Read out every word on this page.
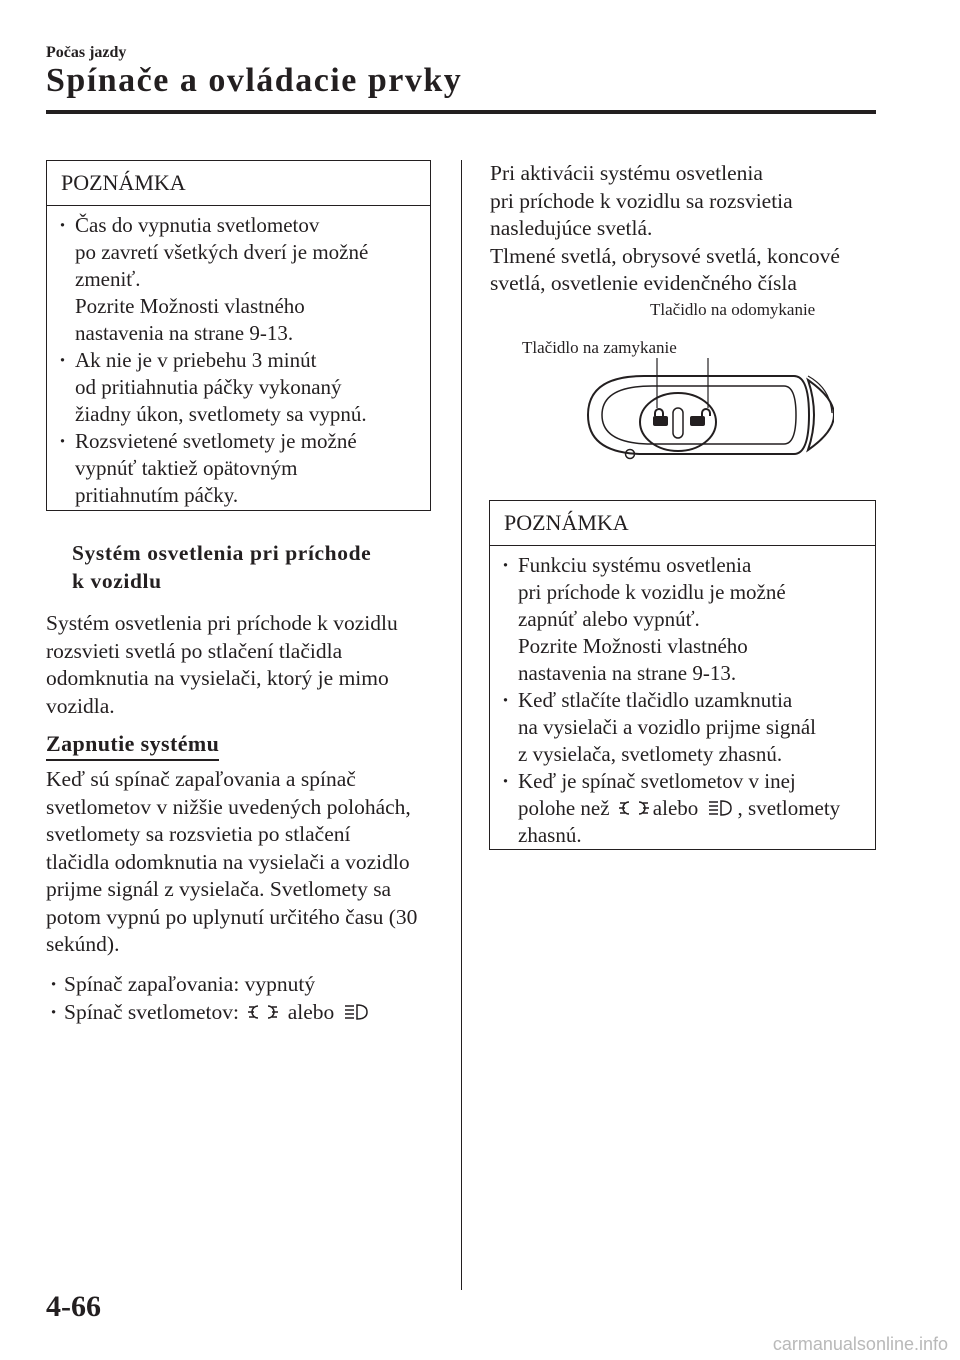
Počas jazdy
Spínače a ovládacie prvky
POZNÁMKA
· Čas do vypnutia svetlometov
po zavretí všetkých dverí je možné
zmeniť.
Pozrite Možnosti vlastného
nastavenia na strane 9-13.
· Ak nie je v priebehu 3 minút
od pritiahnutia páčky vykonaný
žiadny úkon, svetlomety sa vypnú.
· Rozsvietené svetlomety je možné
vypnúť taktiež opätovným
pritiahnutím páčky.
Systém osvetlenia pri príchode
k vozidlu
Systém osvetlenia pri príchode k vozidlu
rozsvieti svetlá po stlačení tlačidla
odomknutia na vysielači, ktorý je mimo
vozidla.
Zapnutie systému
Keď sú spínač zapaľovania a spínač
svetlometov v nižšie uvedených polohách,
svetlomety sa rozsvietia po stlačení
tlačidla odomknutia na vysielači a vozidlo
prijme signál z vysielača. Svetlomety sa
potom vypnú po uplynutí určitého času (30
sekúnd).
· Spínač zapaľovania: vypnutý
· Spínač svetlometov: alebo
Pri aktivácii systému osvetlenia
pri príchode k vozidlu sa rozsvietia
nasledujúce svetlá.
Tlmené svetlá, obrysové svetlá, koncové
svetlá, osvetlenie evidenčného čísla
Tlačidlo na odomykanie
Tlačidlo na zamykanie
POZNÁMKA
· Funkciu systému osvetlenia
pri príchode k vozidlu je možné
zapnúť alebo vypnúť.
Pozrite Možnosti vlastného
nastavenia na strane 9-13.
· Keď stlačíte tlačidlo uzamknutia
na vysielači a vozidlo prijme signál
z vysielača, svetlomety zhasnú.
· Keď je spínač svetlometov v inej
polohe než alebo , svetlomety
zhasnú.
4-66
carmanualsonline.info
